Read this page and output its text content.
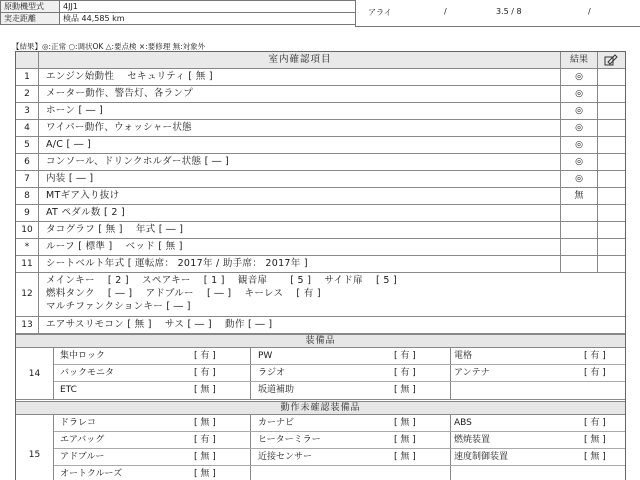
原動機型式	4JJ1
実走距離	検品 44,585 km
アライ	/	3.5 / 8	/
【結果】◎:正常 ○:调状OK △:要点検 ×:要修理 無:対象外
室内確認項目	結果
1	エンジン始動性　 セキュリティ [ 無 ]	◎
2	メーター動作、警告灯、各ランプ	◎
3	ホーン [ ― ]	◎
4	ワイパー動作、ウォッシャー状態	◎
5	A/C [ ― ]	◎
6	コンソール、ドリンクホルダー状態 [ ― ]	◎
7	内装 [ ― ]	◎
8	MTギア入り抜け	無
9	AT ペダル数 [ 2 ]
10	タコグラフ [ 無 ]　 年式 [ ― ]
*	ルーフ [ 標準 ]　 ベッド [ 無 ]
11	シートベルト年式 [ 運転席： 2017年 / 助手席： 2017年 ]
12
メインキー　 [ 2 ]　 スペアキー　 [ 1 ]　 観音扉　　 [ 5 ]　 サイド扉　 [ 5 ]
燃料タンク　 [ ― ]　 アドブルー　 [ ― ]　 キーレス　 [ 有 ]
マルチファンクションキー [ ― ]
13	エアサスリモコン [ 無 ]　 サス [ ― ]　 動作 [ ― ]
装備品
14
集中ロック	[ 有 ]	PW	[ 有 ]	電格	[ 有 ]
バックモニタ	[ 有 ]	ラジオ	[ 有 ]	アンテナ	[ 有 ]
ETC	[ 無 ]	坂道補助	[ 無 ]
動作未確認装備品
15
ドラレコ	[ 無 ]	カーナビ	[ 無 ]	ABS	[ 有 ]
エアバッグ	[ 有 ]	ヒーターミラー	[ 無 ]	燃焼装置	[ 無 ]
アドブルー	[ 無 ]	近接センサー	[ 無 ]	速度制御装置	[ 無 ]
オートクルーズ	[ 無 ]
